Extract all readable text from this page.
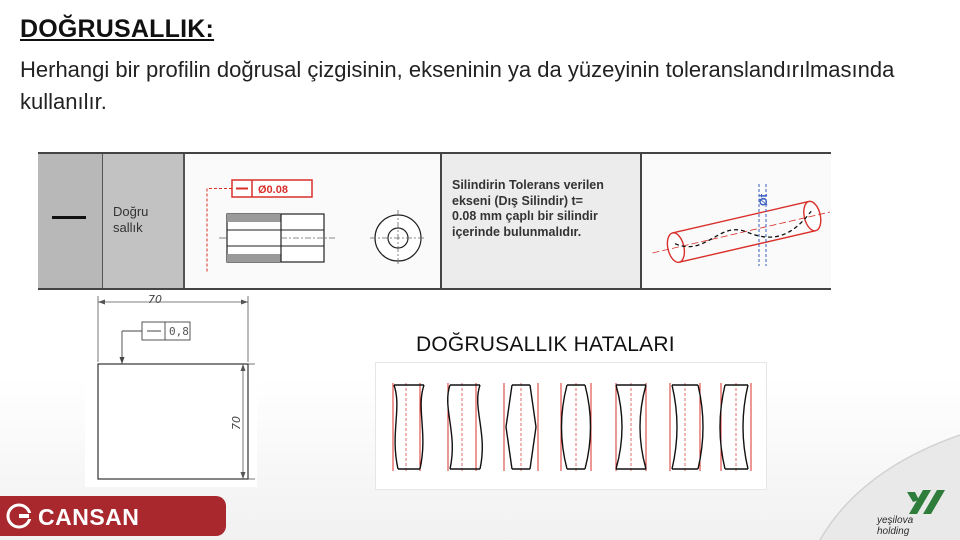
DOĞRUSALLIK:
Herhangi bir profilin doğrusal çizgisinin, ekseninin ya da yüzeyinin toleranslandırılmasında kullanılır.
Doğru
sallık
Ø0.08	Silindirin Tolerans verilen
ekseni (Dış Silindir) t=
0.08 mm çaplı bir silindir
içerinde bulunmalıdır.
Øt
70
0,8
70
DOĞRUSALLIK HATALARI
CANSAN	yeşilova
holding
